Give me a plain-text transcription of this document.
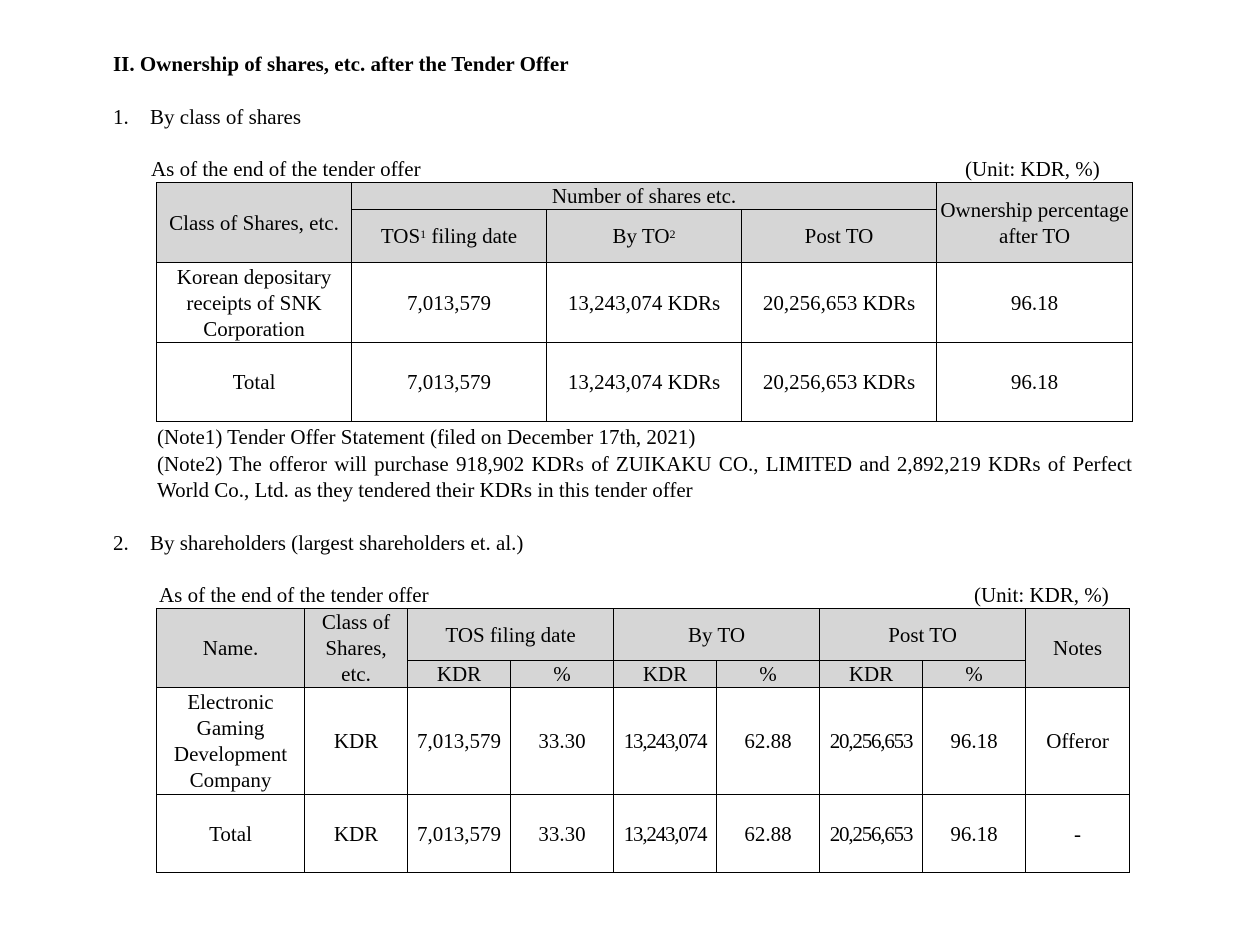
II. Ownership of shares, etc. after the Tender Offer
1. By class of shares
As of the end of the tender offer	(Unit: KDR, %)
Class of Shares, etc.	Number of shares etc.			Ownership percentage after TO
	TOS$^1$ filing date	By $TO^2$	Post TO	
Korean depositary receipts of SNK Corporation	7,013,579	13,243,074 KDRs	20,256,653 KDRs	96.18
Total	7,013,579	13,243,074 KDRs	20,256,653 KDRs	96.18
(Note1) Tender Offer Statement (filed on December 17th, 2021)
(Note2) The offeror will purchase 918,902 KDRs of ZUIKAKU CO., LIMITED and 2,892,219 KDRs of Perfect World Co., Ltd. as they tendered their KDRs in this tender offer
2. By shareholders (largest shareholders et. al.)
As of the end of the tender offer	(Unit: KDR, %)
Name.	Class of Shares, etc.	TOS filing date		By TO		Post TO		Notes
		KDR	%	KDR	%	KDR	%	
Electronic Gaming Development Company	KDR	7,013,579	33.30	13,243,074	62.88	20,256,653	96.18	Offeror
Total	KDR	7,013,579	33.30	13,243,074	62.88	20,256,653	96.18	-
